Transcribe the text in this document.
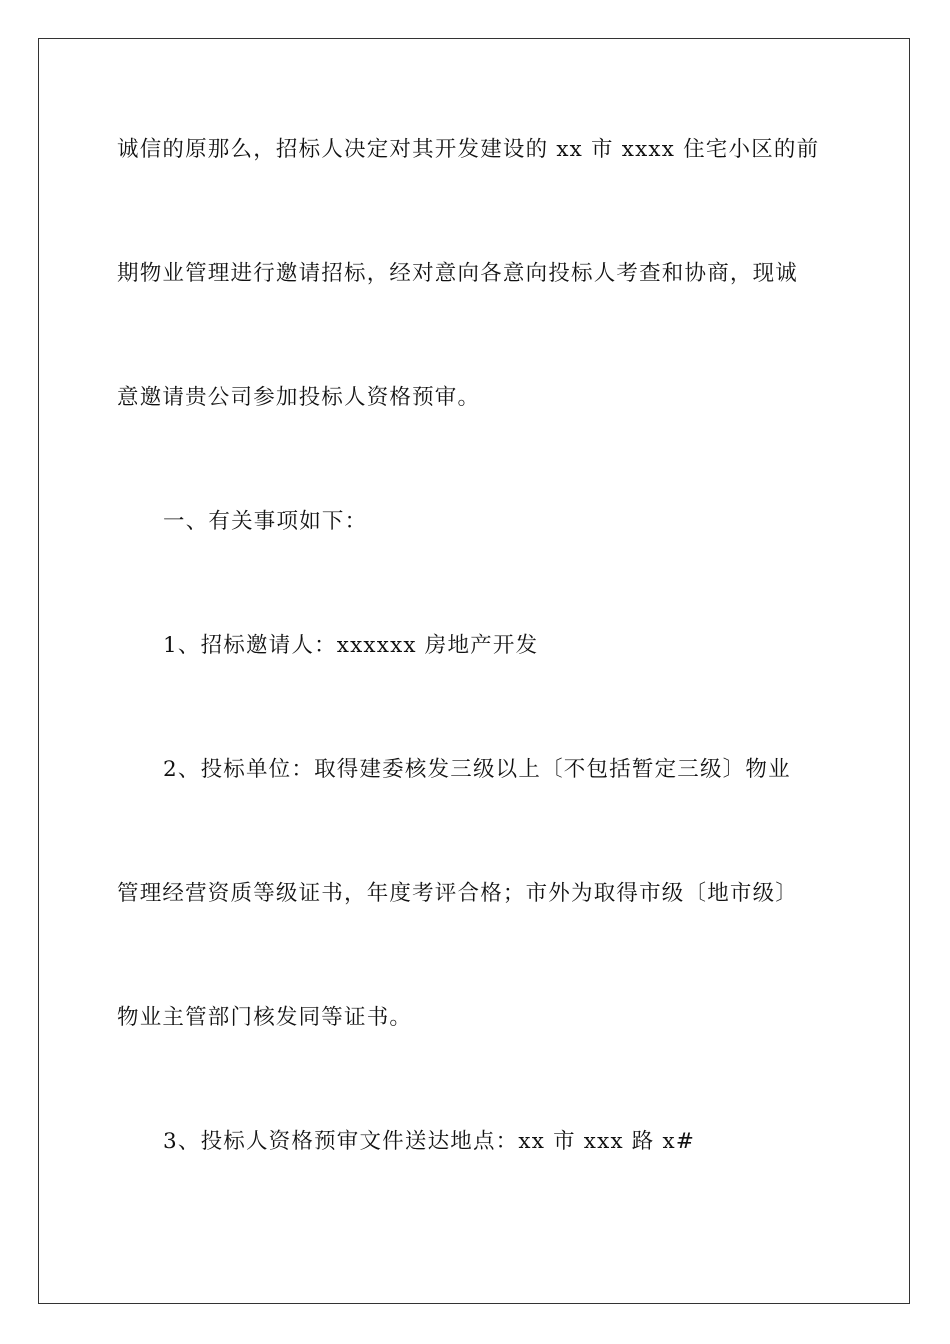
诚信的原那么，招标人决定对其开发建设的 xx 市 xxxx 住宅小区的前
期物业管理进行邀请招标，经对意向各意向投标人考查和协商，现诚
意邀请贵公司参加投标人资格预审。
一、有关事项如下：
1、招标邀请人：xxxxxx 房地产开发
2、投标单位：取得建委核发三级以上〔不包括暂定三级〕物业
管理经营资质等级证书，年度考评合格；市外为取得市级〔地市级〕
物业主管部门核发同等证书。
3、投标人资格预审文件送达地点：xx 市 xxx 路 x#
